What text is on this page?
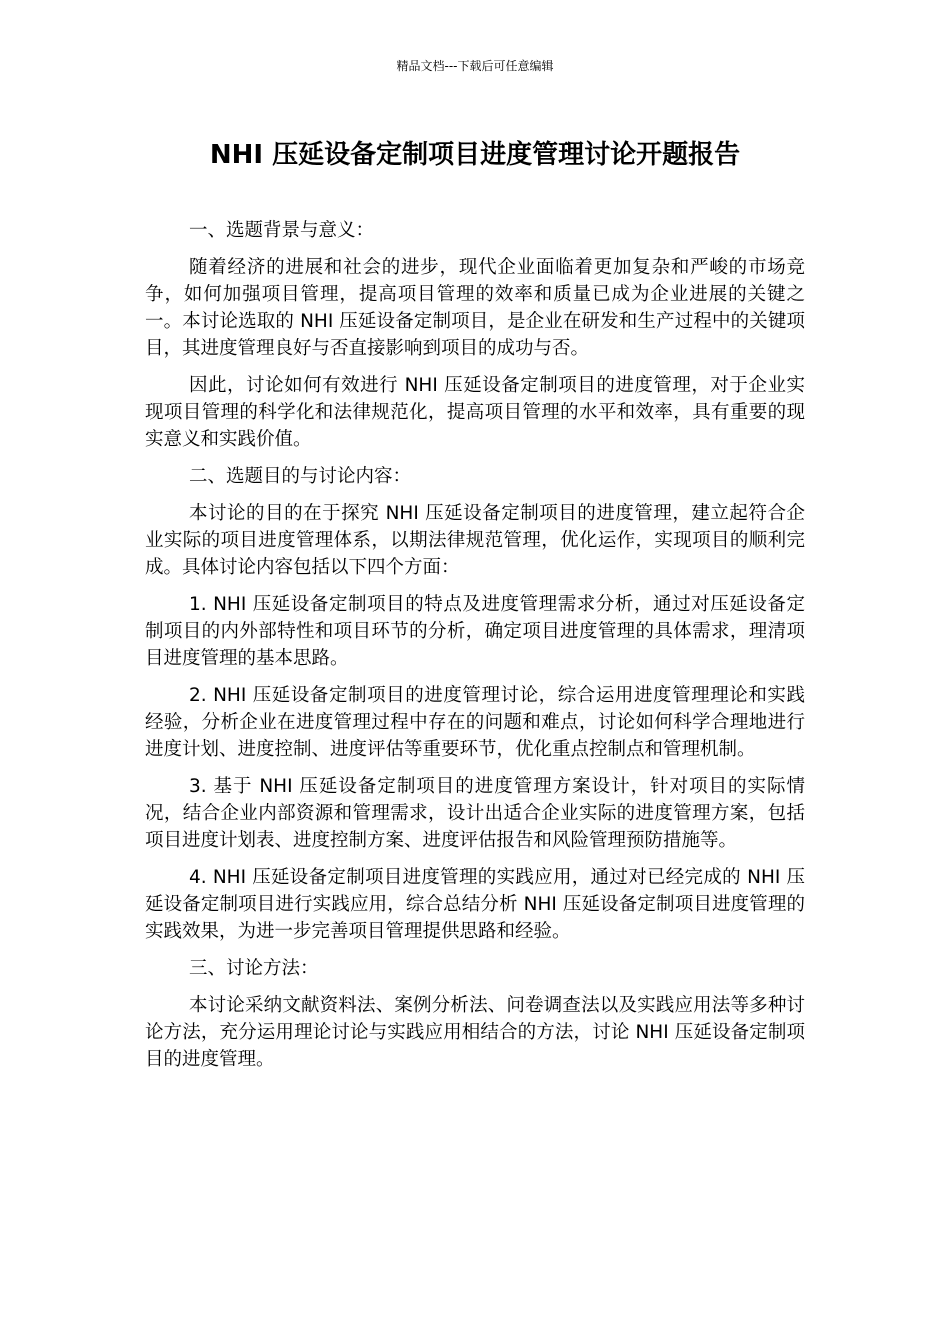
精品文档---下载后可任意编辑
NHI 压延设备定制项目进度管理讨论开题报告

一、选题背景与意义：

随着经济的进展和社会的进步，现代企业面临着更加复杂和严峻的市场竞争，如何加强项目管理，提高项目管理的效率和质量已成为企业进展的关键之一。本讨论选取的 NHI 压延设备定制项目，是企业在研发和生产过程中的关键项目，其进度管理良好与否直接影响到项目的成功与否。

因此，讨论如何有效进行 NHI 压延设备定制项目的进度管理，对于企业实现项目管理的科学化和法律规范化，提高项目管理的水平和效率，具有重要的现实意义和实践价值。

二、选题目的与讨论内容：

本讨论的目的在于探究 NHI 压延设备定制项目的进度管理，建立起符合企业实际的项目进度管理体系，以期法律规范管理，优化运作，实现项目的顺利完成。具体讨论内容包括以下四个方面：

1. NHI 压延设备定制项目的特点及进度管理需求分析，通过对压延设备定制项目的内外部特性和项目环节的分析，确定项目进度管理的具体需求，理清项目进度管理的基本思路。

2. NHI 压延设备定制项目的进度管理讨论，综合运用进度管理理论和实践经验，分析企业在进度管理过程中存在的问题和难点，讨论如何科学合理地进行进度计划、进度控制、进度评估等重要环节，优化重点控制点和管理机制。

3. 基于 NHI 压延设备定制项目的进度管理方案设计，针对项目的实际情况，结合企业内部资源和管理需求，设计出适合企业实际的进度管理方案，包括项目进度计划表、进度控制方案、进度评估报告和风险管理预防措施等。

4. NHI 压延设备定制项目进度管理的实践应用，通过对已经完成的 NHI 压延设备定制项目进行实践应用，综合总结分析 NHI 压延设备定制项目进度管理的实践效果，为进一步完善项目管理提供思路和经验。

三、讨论方法：

本讨论采纳文献资料法、案例分析法、问卷调查法以及实践应用法等多种讨论方法，充分运用理论讨论与实践应用相结合的方法，讨论 NHI 压延设备定制项目的进度管理。
